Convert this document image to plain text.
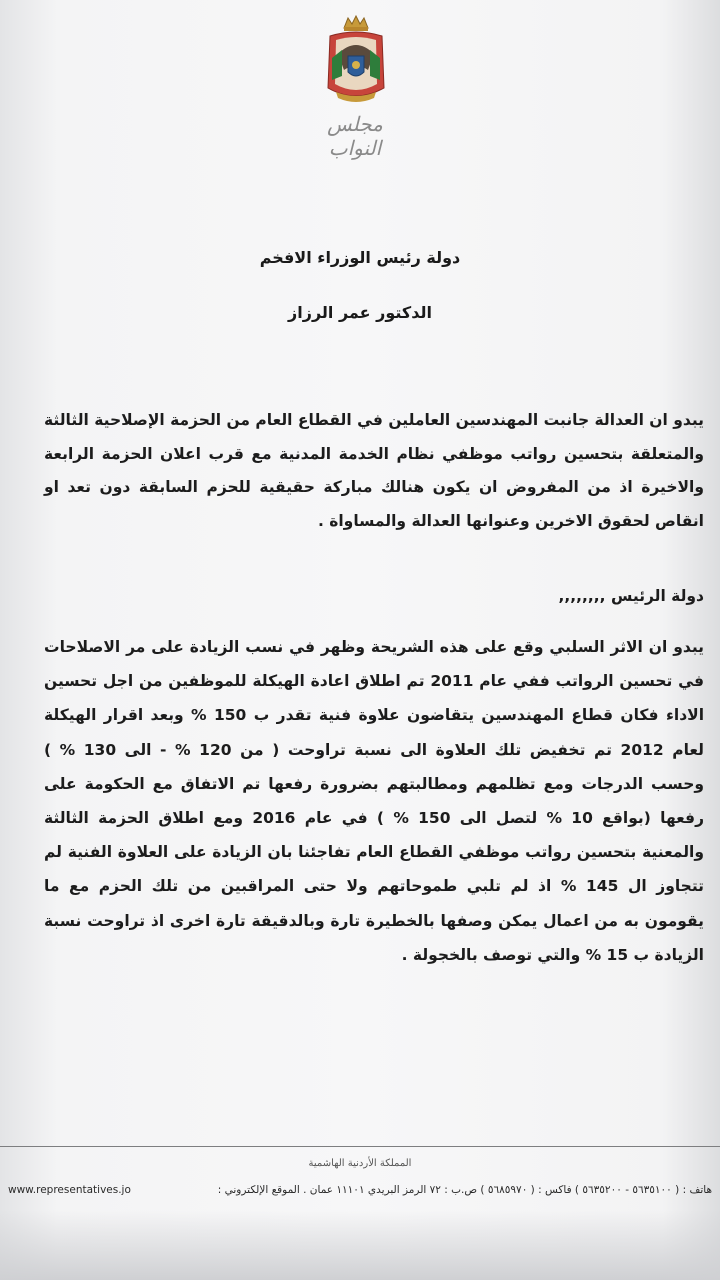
مجلس النواب
دولة رئيس الوزراء الافخم
الدكتور عمر الرزاز
يبدو ان العدالة جانبت المهندسين العاملين في القطاع العام من الحزمة الإصلاحية الثالثة والمتعلقة بتحسين رواتب موظفي نظام الخدمة المدنية مع قرب اعلان الحزمة الرابعة والاخيرة اذ من المفروض ان يكون هنالك مباركة حقيقية للحزم السابقة دون تعد او انقاص لحقوق الاخرين وعنوانها العدالة والمساواة .
دولة الرئيس ,,,,,,,,
يبدو ان الاثر السلبي وقع على هذه الشريحة وظهر في نسب الزيادة على مر الاصلاحات في تحسين الرواتب ففي عام 2011 تم اطلاق اعادة الهيكلة للموظفين من اجل تحسين الاداء فكان قطاع المهندسين يتقاضون علاوة فنية تقدر ب 150 % وبعد اقرار الهيكلة لعام 2012 تم تخفيض تلك العلاوة الى نسبة تراوحت ( من 120 % - الى 130 % ) وحسب الدرجات ومع تظلمهم ومطالبتهم بضرورة رفعها تم الاتفاق مع الحكومة على رفعها (بواقع 10 % لتصل الى 150 % ) في عام 2016 ومع اطلاق الحزمة الثالثة والمعنية بتحسين رواتب موظفي القطاع العام تفاجئنا بان الزيادة على العلاوة الفنية لم تتجاوز ال 145 % اذ لم تلبي طموحاتهم ولا حتى المراقبين من تلك الحزم مع ما يقومون به من اعمال يمكن وصفها بالخطيرة تارة وبالدقيقة تارة اخرى اذ تراوحت نسبة الزيادة ب 15 % والتي توصف بالخجولة .
المملكة الأردنية الهاشمية
هاتف : ( ٥٦٣٥١٠٠ - ٥٦٣٥٢٠٠ ) فاكس : ( ٥٦٨٥٩٧٠ ) ص.ب : ٧٢ الرمز البريدي ١١١٠١ عمان . الموقع الإلكتروني :
www.representatives.jo
